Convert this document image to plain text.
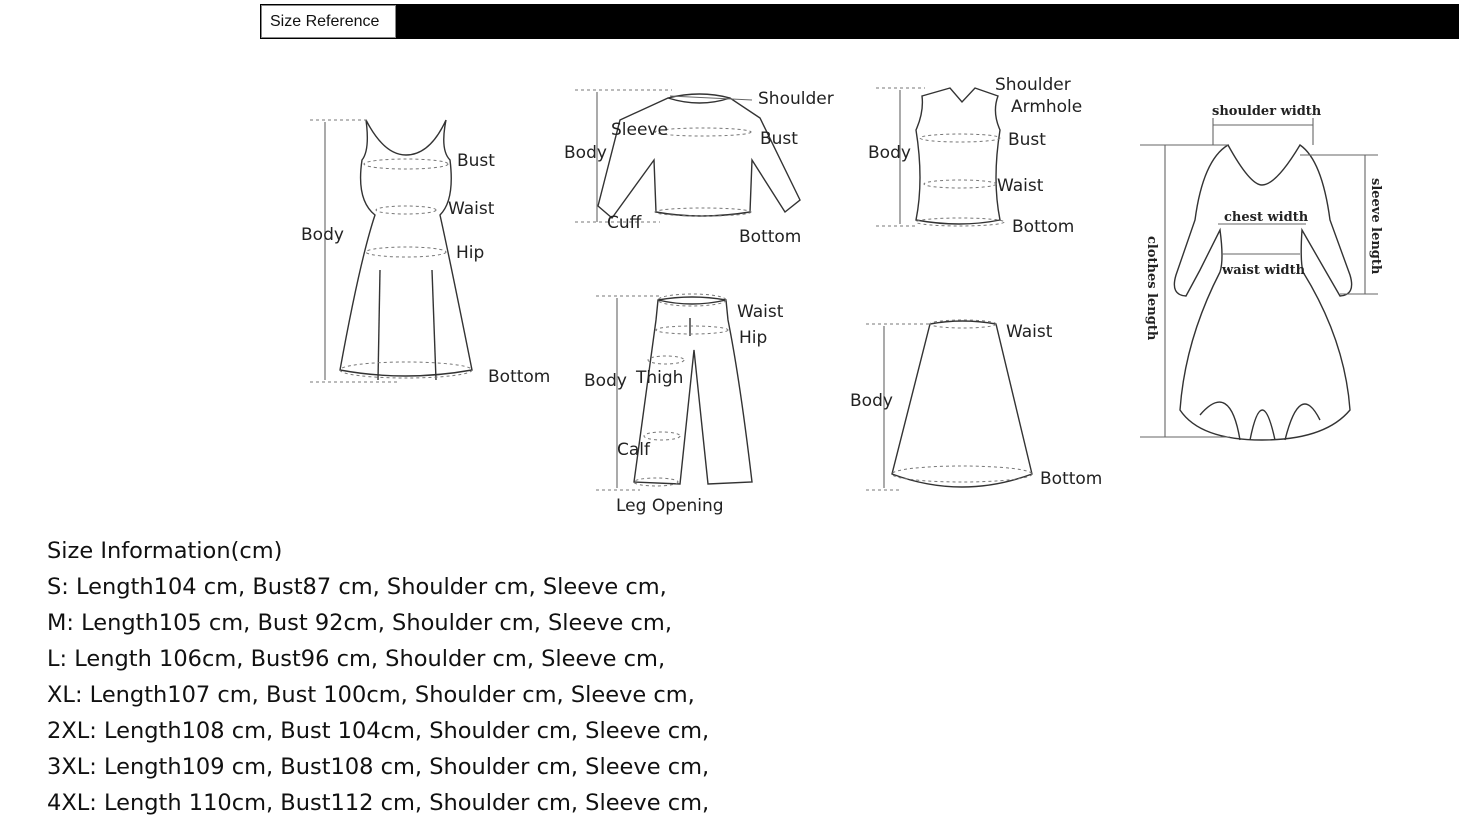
Size Reference
Bust
Waist
Body
Hip
Bottom
Shoulder
Sleeve
Body
Bust
Cuff
Bottom
Shoulder
Armhole
Body
Bust
Waist
Bottom
shoulder width
chest width
waist width
clothes length
sleeve length
Waist
Hip
Body Thigh
Calf
Leg Opening
Waist
Body
Bottom
Size Information(cm)
S: Length104 cm, Bust87 cm, Shoulder cm, Sleeve cm,
M: Length105 cm, Bust 92cm, Shoulder cm, Sleeve cm,
L: Length 106cm, Bust96 cm, Shoulder cm, Sleeve cm,
XL: Length107 cm, Bust 100cm, Shoulder cm, Sleeve cm,
2XL: Length108 cm, Bust 104cm, Shoulder cm, Sleeve cm,
3XL: Length109 cm, Bust108 cm, Shoulder cm, Sleeve cm,
4XL: Length 110cm, Bust112 cm, Shoulder cm, Sleeve cm,
